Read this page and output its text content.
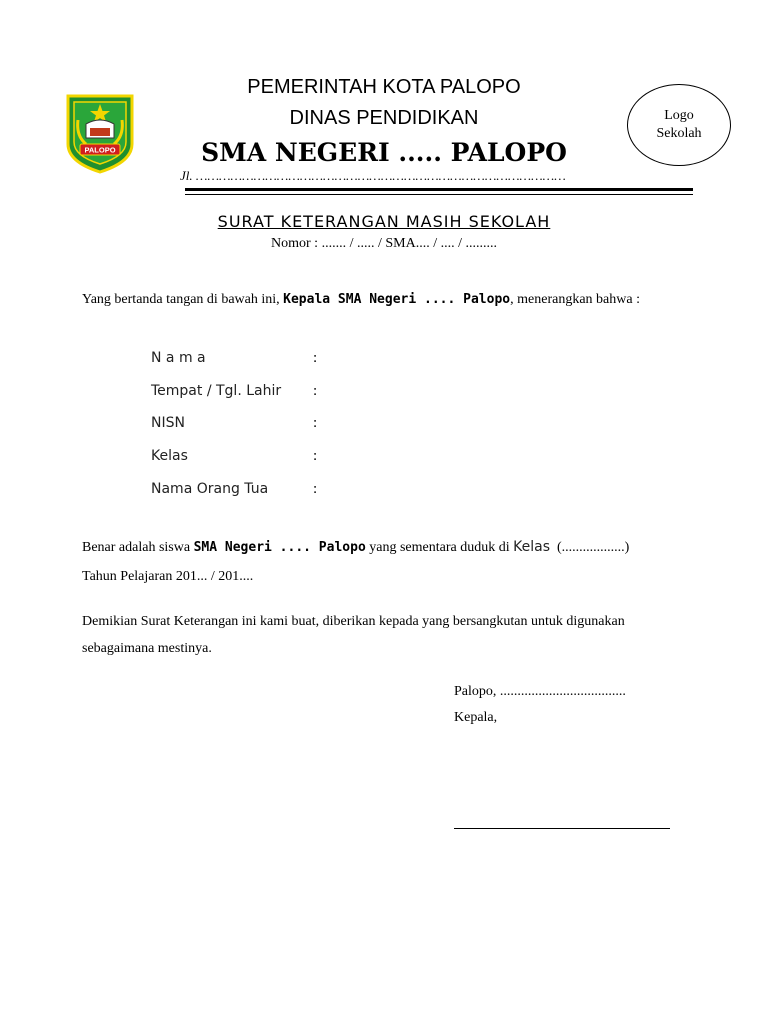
PALOPO
PEMERINTAH KOTA PALOPO
DINAS PENDIDIKAN
SMA NEGERI ..... PALOPO
Jl. ……………………………………………………………………………………
Logo Sekolah
SURAT KETERANGAN MASIH SEKOLAH
Nomor : ....... / ..... / SMA.... / .... / .........
Yang bertanda tangan di bawah ini, Kepala SMA Negeri .... Palopo, menerangkan bahwa :
N a m a	:
Tempat / Tgl. Lahir :
NISN	:
Kelas	:
Nama Orang Tua	:
Benar adalah siswa SMA Negeri .... Palopo yang sementara duduk di Kelas (..................)
Tahun Pelajaran 201... / 201....
Demikian Surat Keterangan ini kami buat, diberikan kepada yang bersangkutan untuk digunakan
sebagaimana mestinya.
Palopo, ....................................
Kepala,
